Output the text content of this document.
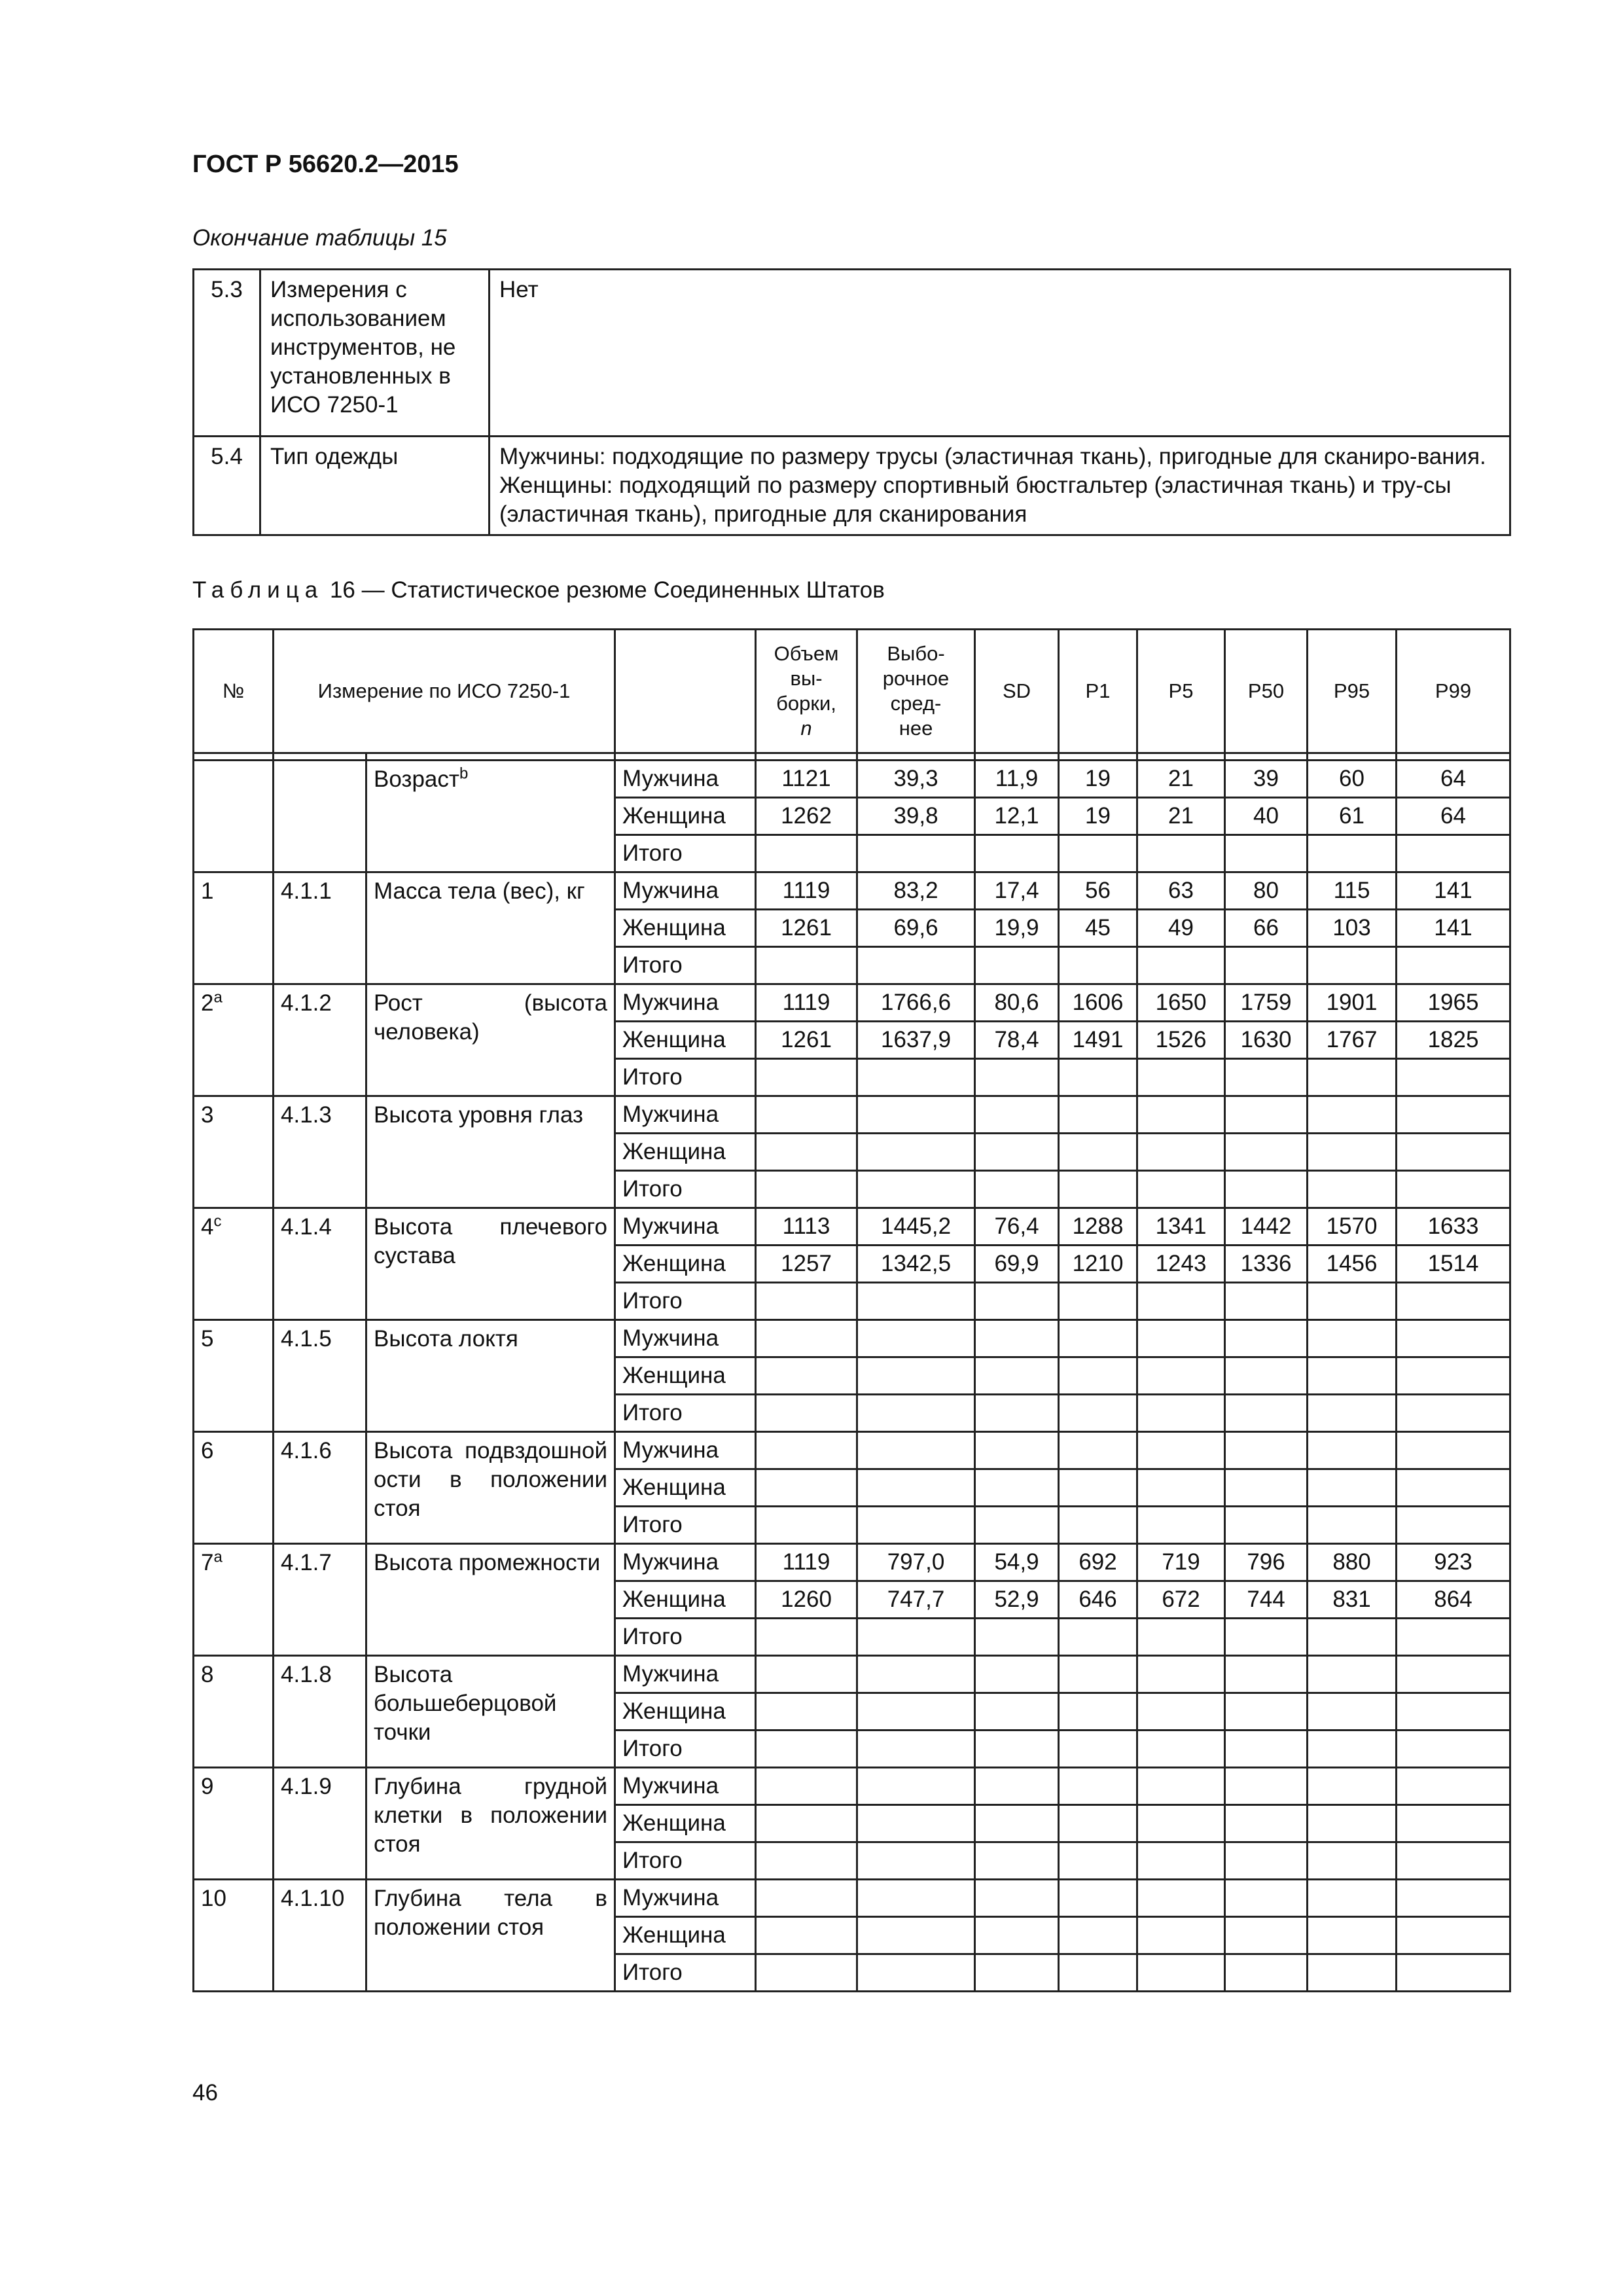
ГОСТ Р 56620.2—2015
Окончание таблицы 15
5.3	Измерения с использованием инструментов, не установленных в ИСО 7250-1	Нет

5.4	Тип одежды	Мужчины: подходящие по размеру трусы (эластичная ткань), пригодные для сканиро-вания.
Женщины: подходящий по размеру спортивный бюстгальтер (эластичная ткань) и тру-сы (эластичная ткань), пригодные для сканирования
Таблица 16 — Статистическое резюме Соединенных Штатов
№	Измерение по ИСО 7250-1			Объем
вы-
борки,
n	Выбо-
рочное
сред-
нее	SD	P1	P5	P50	P95	P99

		Возраст$^b$	Мужчина	1121	39,3	11,9	19	21	39	60	64
			Женщина	1262	39,8	12,1	19	21	40	61	64
			Итого								
1	4.1.1	Масса тела (вес), кг	Мужчина	1119	83,2	17,4	56	63	80	115	141
			Женщина	1261	69,6	19,9	45	49	66	103	141
			Итого								
$2^а$	4.1.2	Рост (высота человека)	Мужчина	1119	1766,6	80,6	1606	1650	1759	1901	1965
			Женщина	1261	1637,9	78,4	1491	1526	1630	1767	1825
			Итого								
3	4.1.3	Высота уровня глаз	Мужчина								
			Женщина								
			Итого								
$4^с$	4.1.4	Высота плечевого сустава	Мужчина	1113	1445,2	76,4	1288	1341	1442	1570	1633
			Женщина	1257	1342,5	69,9	1210	1243	1336	1456	1514
			Итого								
5	4.1.5	Высота локтя	Мужчина								
			Женщина								
			Итого								
6	4.1.6	Высота подвздошной ости в положении стоя	Мужчина								
			Женщина								
			Итого								
$7^а$	4.1.7	Высота промежности	Мужчина	1119	797,0	54,9	692	719	796	880	923
			Женщина	1260	747,7	52,9	646	672	744	831	864
			Итого								
8	4.1.8	Высота большеберцовой точки	Мужчина								
			Женщина								
			Итого								
9	4.1.9	Глубина грудной клетки в положении стоя	Мужчина								
			Женщина								
			Итого								
10	4.1.10	Глубина тела в положении стоя	Мужчина								
			Женщина								
			Итого								
46
